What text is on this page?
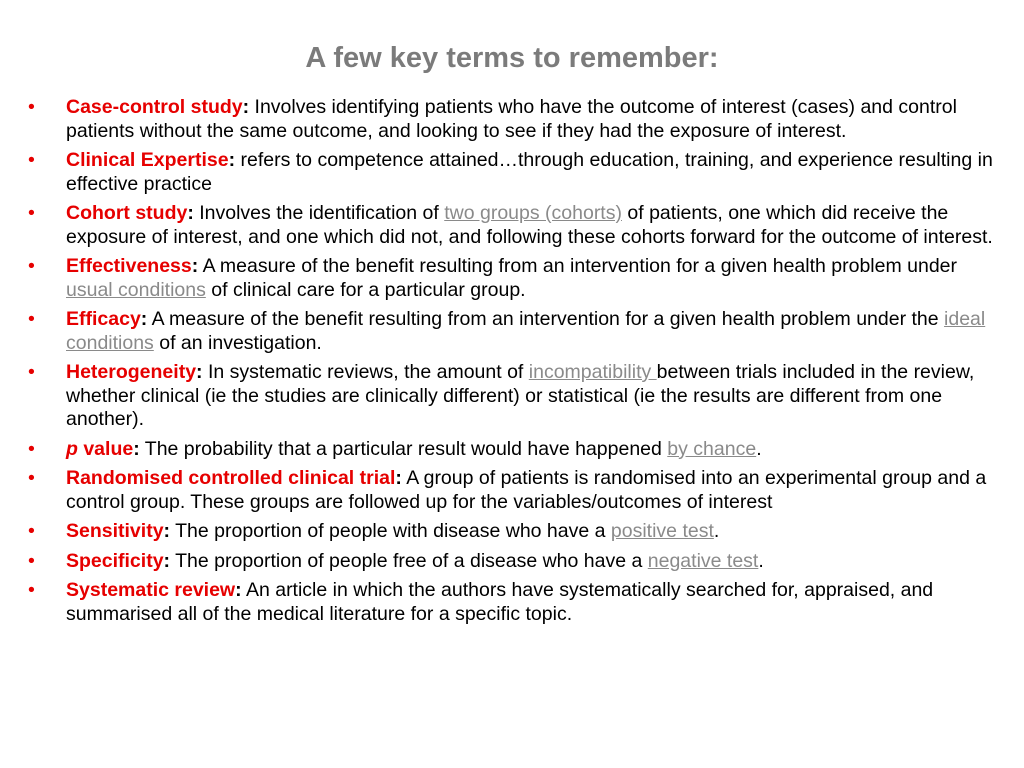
A few key terms to remember:
• Case-control study: Involves identifying patients who have the outcome of interest (cases) and control patients without the same outcome, and looking to see if they had the exposure of interest.
• Clinical Expertise: refers to competence attained…through education, training, and experience resulting in effective practice
• Cohort study: Involves the identification of two groups (cohorts) of patients, one which did receive the exposure of interest, and one which did not, and following these cohorts forward for the outcome of interest.
• Effectiveness: A measure of the benefit resulting from an intervention for a given health problem under usual conditions of clinical care for a particular group.
• Efficacy: A measure of the benefit resulting from an intervention for a given health problem under the ideal conditions of an investigation.
• Heterogeneity: In systematic reviews, the amount of incompatibility between trials included in the review, whether clinical (ie the studies are clinically different) or statistical (ie the results are different from one another).
• p value: The probability that a particular result would have happened by chance.
• Randomised controlled clinical trial: A group of patients is randomised into an experimental group and a control group. These groups are followed up for the variables/outcomes of interest
• Sensitivity: The proportion of people with disease who have a positive test.
• Specificity: The proportion of people free of a disease who have a negative test.
• Systematic review: An article in which the authors have systematically searched for, appraised, and summarised all of the medical literature for a specific topic.
